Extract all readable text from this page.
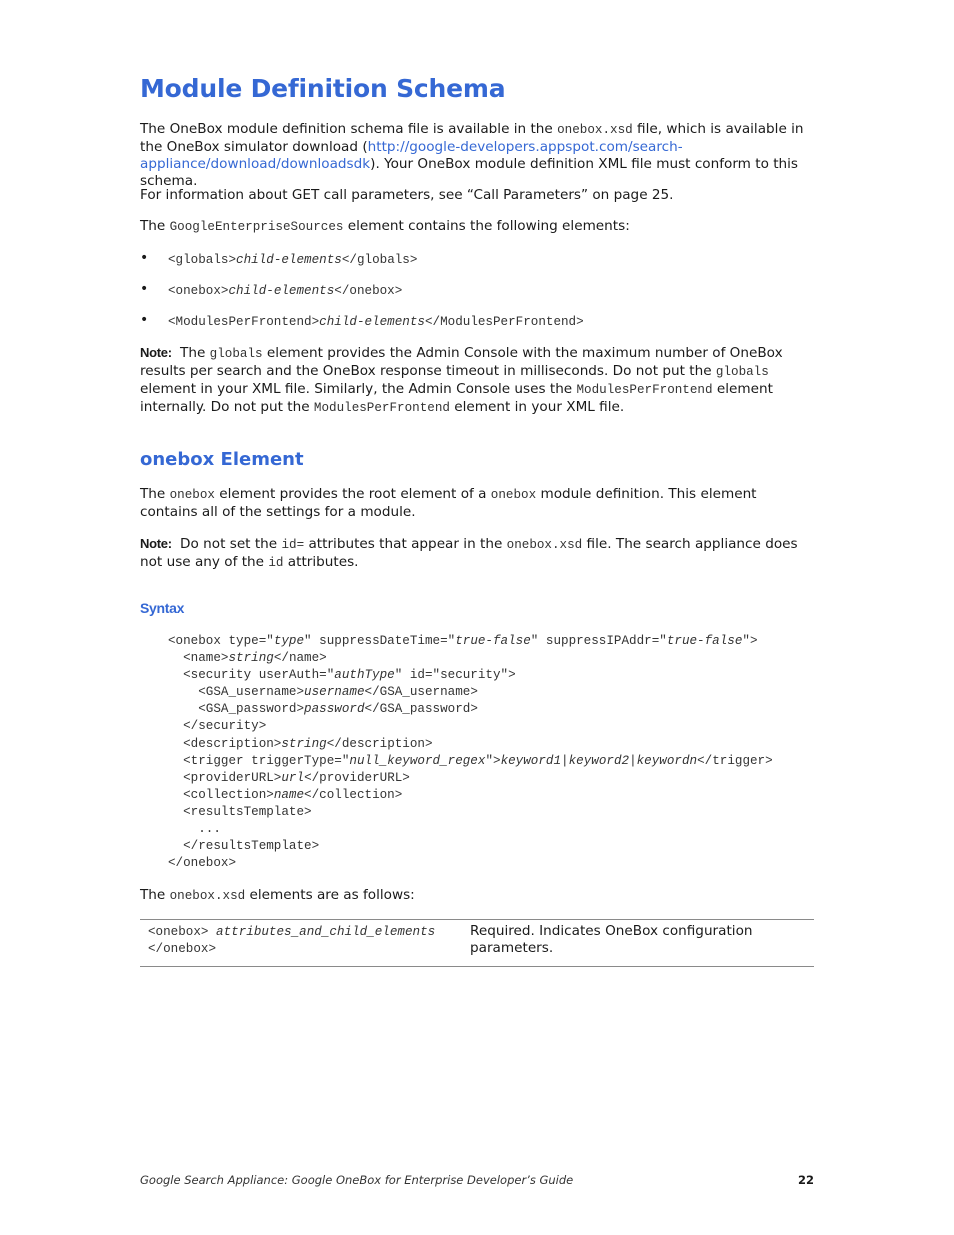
Module Definition Schema

The OneBox module definition schema file is available in the onebox.xsd file, which is available in the OneBox simulator download (http://google-developers.appspot.com/search-appliance/download/downloadsdk). Your OneBox module definition XML file must conform to this schema.

For information about GET call parameters, see “Call Parameters” on page 25.

The GoogleEnterpriseSources element contains the following elements:

• <globals>child-elements</globals>
• <onebox>child-elements</onebox>
• <ModulesPerFrontend>child-elements</ModulesPerFrontend>

Note: The globals element provides the Admin Console with the maximum number of OneBox results per search and the OneBox response timeout in milliseconds. Do not put the globals element in your XML file. Similarly, the Admin Console uses the ModulesPerFrontend element internally. Do not put the ModulesPerFrontend element in your XML file.

onebox Element

The onebox element provides the root element of a onebox module definition. This element contains all of the settings for a module.

Note: Do not set the id= attributes that appear in the onebox.xsd file. The search appliance does not use any of the id attributes.

Syntax
<onebox type="type" suppressDateTime="true-false" suppressIPAddr="true-false">
<name>string</name>
<security userAuth="authType" id="security">
<GSA_username>username</GSA_username>
<GSA_password>password</GSA_password>
</security>
<description>string</description>
<trigger triggerType="null_keyword_regex">keyword1|keyword2|keywordn</trigger>
<providerURL>url</providerURL>
<collection>name</collection>
<resultsTemplate>
...
</resultsTemplate>
</onebox>

The onebox.xsd elements are as follows:

<onebox> attributes_and_child_elements
</onebox>
Required. Indicates OneBox configuration parameters.
Google Search Appliance: Google OneBox for Enterprise Developer’s Guide	22
